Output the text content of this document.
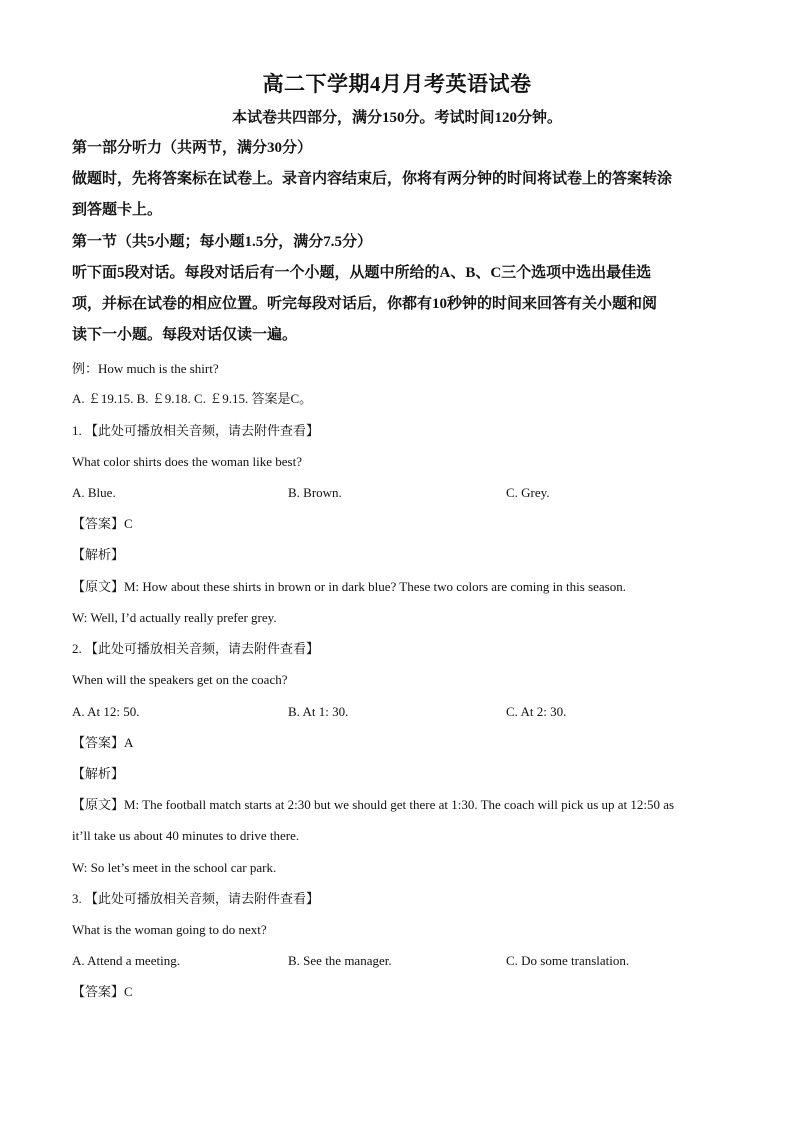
高二下学期4月月考英语试卷
本试卷共四部分，满分150分。考试时间120分钟。
第一部分听力（共两节，满分30分）
做题时，先将答案标在试卷上。录音内容结束后，你将有两分钟的时间将试卷上的答案转涂
到答题卡上。
第一节（共5小题；每小题1.5分，满分7.5分）
听下面5段对话。每段对话后有一个小题，从题中所给的A、B、C三个选项中选出最佳选
项，并标在试卷的相应位置。听完每段对话后，你都有10秒钟的时间来回答有关小题和阅
读下一小题。每段对话仅读一遍。
例：How much is the shirt?
A. ￡19.15. B. ￡9.18. C. ￡9.15. 答案是C。
1. 【此处可播放相关音频，请去附件查看】
What color shirts does the woman like best?
A. Blue.	B. Brown.	C. Grey.
【答案】C
【解析】
【原文】M: How about these shirts in brown or in dark blue? These two colors are coming in this season.
W: Well, I’d actually really prefer grey.
2. 【此处可播放相关音频，请去附件查看】
When will the speakers get on the coach?
A. At 12: 50.	B. At 1: 30.	C. At 2: 30.
【答案】A
【解析】
【原文】M: The football match starts at 2:30 but we should get there at 1:30. The coach will pick us up at 12:50 as
it’ll take us about 40 minutes to drive there.
W: So let’s meet in the school car park.
3. 【此处可播放相关音频，请去附件查看】
What is the woman going to do next?
A. Attend a meeting.	B. See the manager.	C. Do some translation.
【答案】C
